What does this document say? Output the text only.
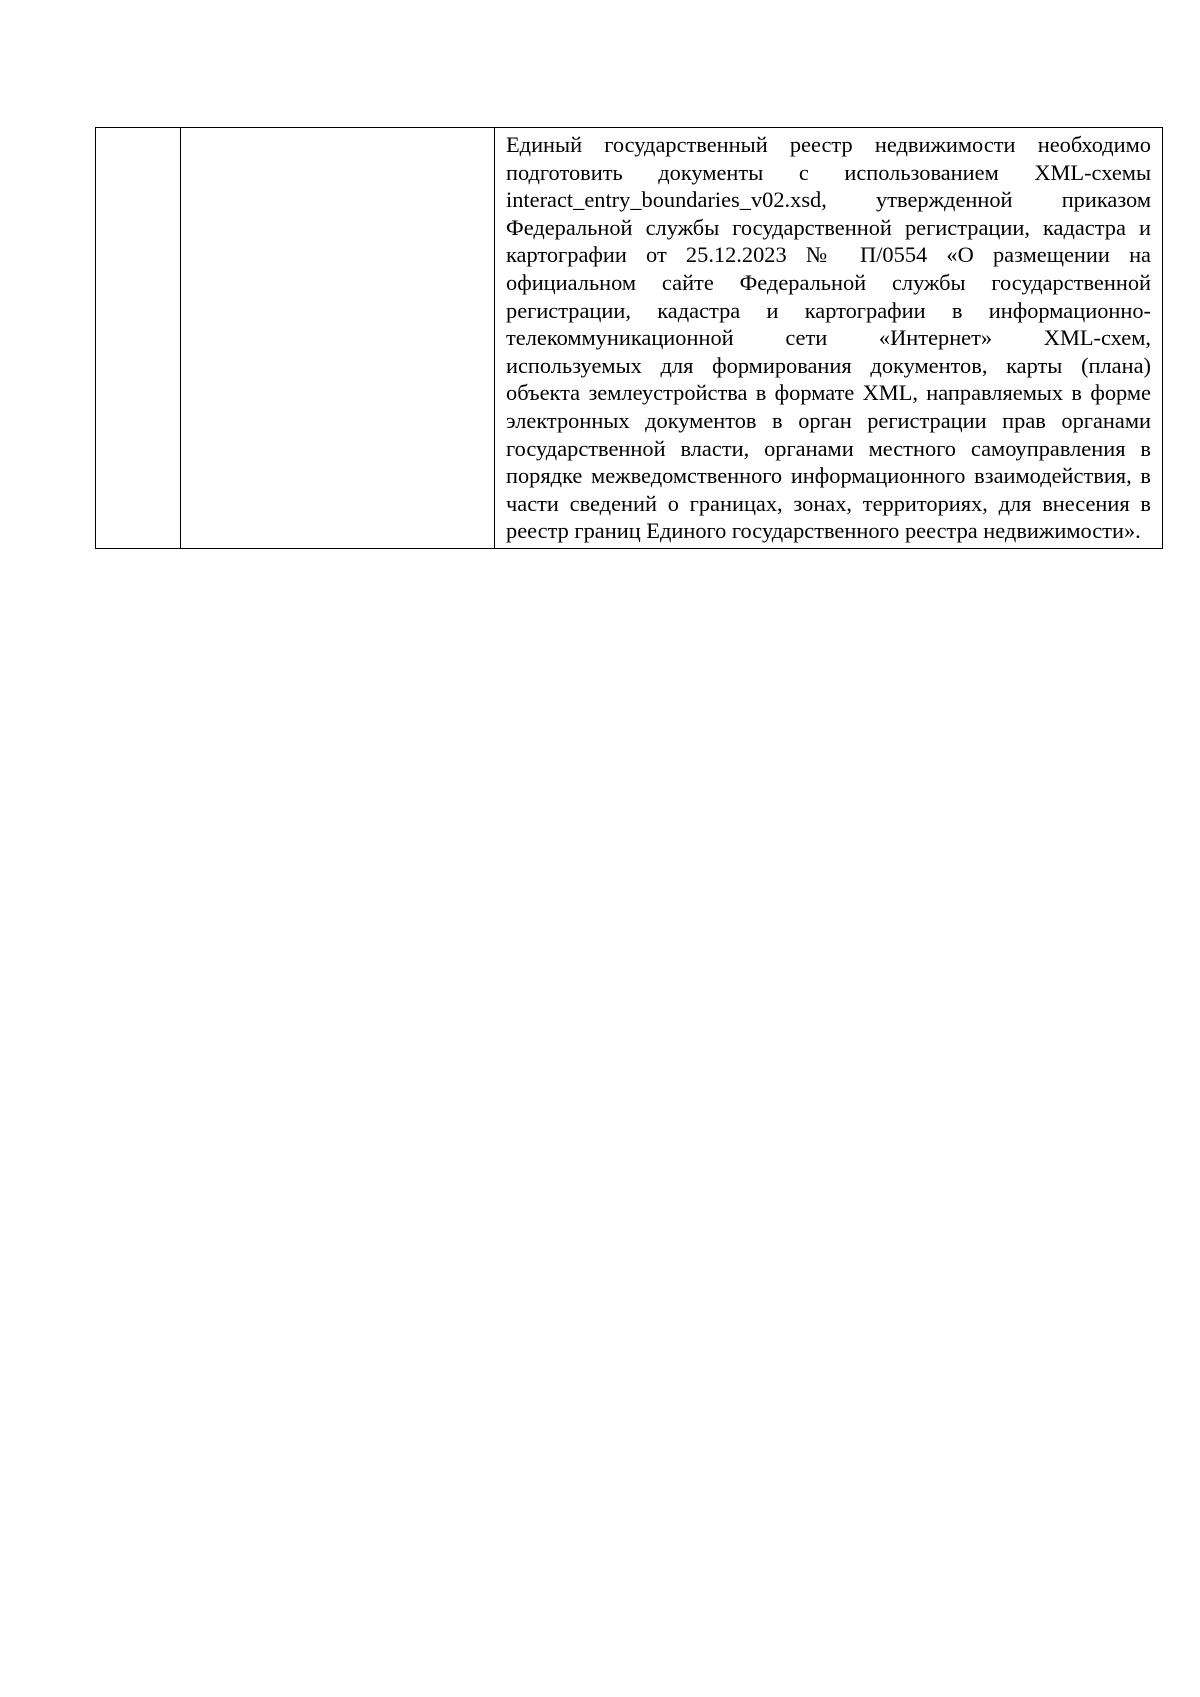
Единый государственный реестр недвижимости необходимо подготовить документы с использованием XML-схемы interact_entry_boundaries_v02.xsd, утвержденной приказом Федеральной службы государственной регистрации, кадастра и картографии от 25.12.2023 № П/0554 «О размещении на официальном сайте Федеральной службы государственной регистрации, кадастра и картографии в информационно-телекоммуникационной сети «Интернет» XML-схем, используемых для формирования документов, карты (плана) объекта землеустройства в формате XML, направляемых в форме электронных документов в орган регистрации прав органами государственной власти, органами местного самоуправления в порядке межведомственного информационного взаимодействия, в части сведений о границах, зонах, территориях, для внесения в реестр границ Единого государственного реестра недвижимости».
